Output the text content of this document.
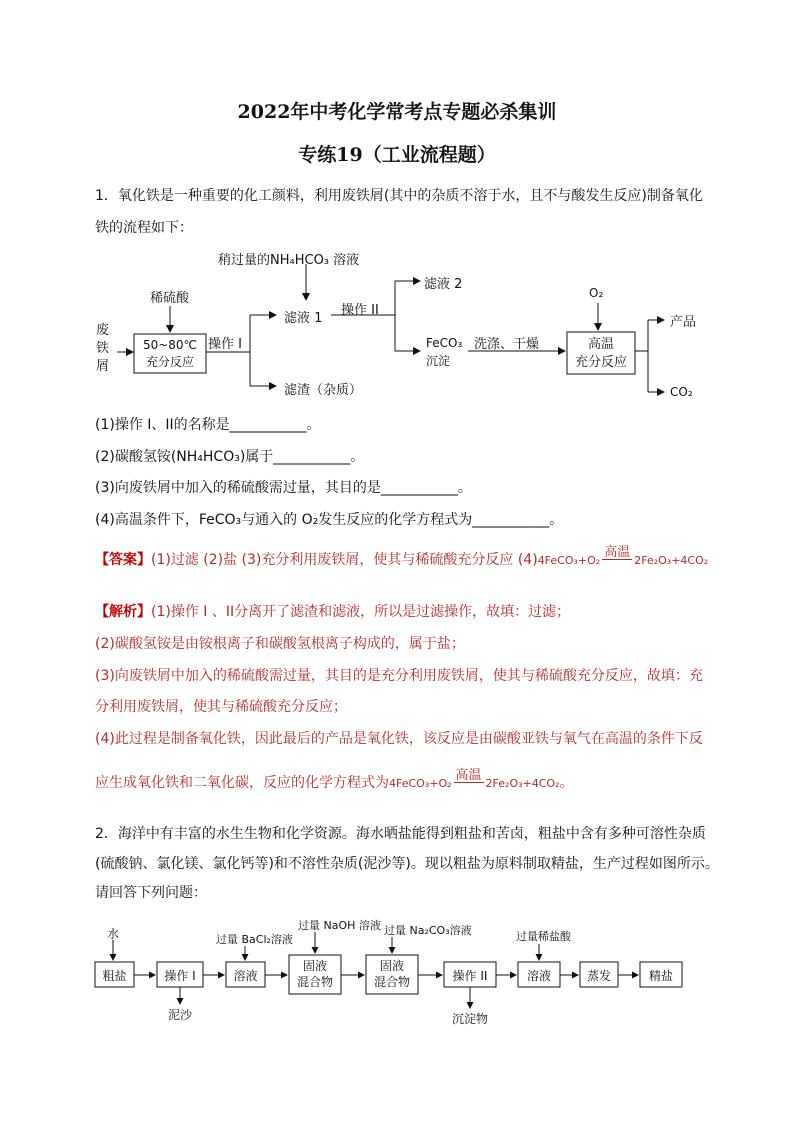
2022年中考化学常考点专题必杀集训
专练19（工业流程题）
1．氧化铁是一种重要的化工颜料，利用废铁屑(其中的杂质不溶于水，且不与酸发生反应)制备氧化
铁的流程如下：
稍过量的NH₄HCO₃ 溶液
稀硫酸
废
铁
屑
50~80℃
充分反应
操作 I
滤液 1
操作 II
滤液 2
滤渣（杂质）
FeCO₃
沉淀
洗涤、干燥
O₂
高温
充分反应
产品
CO₂
(1)操作 I、II的名称是___________。
(2)碳酸氢铵(NH₄HCO₃)属于___________。
(3)向废铁屑中加入的稀硫酸需过量，其目的是___________。
(4)高温条件下，FeCO₃与通入的 O₂发生反应的化学方程式为___________。
【答案】(1)过滤 (2)盐 (3)充分利用废铁屑，使其与稀硫酸充分反应 (4)4FeCO₃+O₂
高温
2Fe₂O₃+4CO₂
【解析】(1)操作 I 、II分离开了滤渣和滤液，所以是过滤操作，故填：过滤；
(2)碳酸氢铵是由铵根离子和碳酸氢根离子构成的，属于盐；
(3)向废铁屑中加入的稀硫酸需过量，其目的是充分利用废铁屑，使其与稀硫酸充分反应，故填：充
分利用废铁屑，使其与稀硫酸充分反应；
(4)此过程是制备氧化铁，因此最后的产品是氧化铁，该反应是由碳酸亚铁与氧气在高温的条件下反
应生成氧化铁和二氧化碳，反应的化学方程式为4FeCO₃+O₂
高温
2Fe₂O₃+4CO₂。
2．海洋中有丰富的水生生物和化学资源。海水晒盐能得到粗盐和苦卤，粗盐中含有多种可溶性杂质
(硫酸钠、氯化镁、氯化钙等)和不溶性杂质(泥沙等)。现以粗盐为原料制取精盐，生产过程如图所示。
请回答下列问题：
水
粗盐	操作 I
泥沙
过量 BaCl₂溶液
溶液
过量 NaOH 溶液
固液
混合物
过量 Na₂CO₃溶液
固液
混合物	操作 II
沉淀物
过量稀盐酸
溶液	蒸发	精盐
